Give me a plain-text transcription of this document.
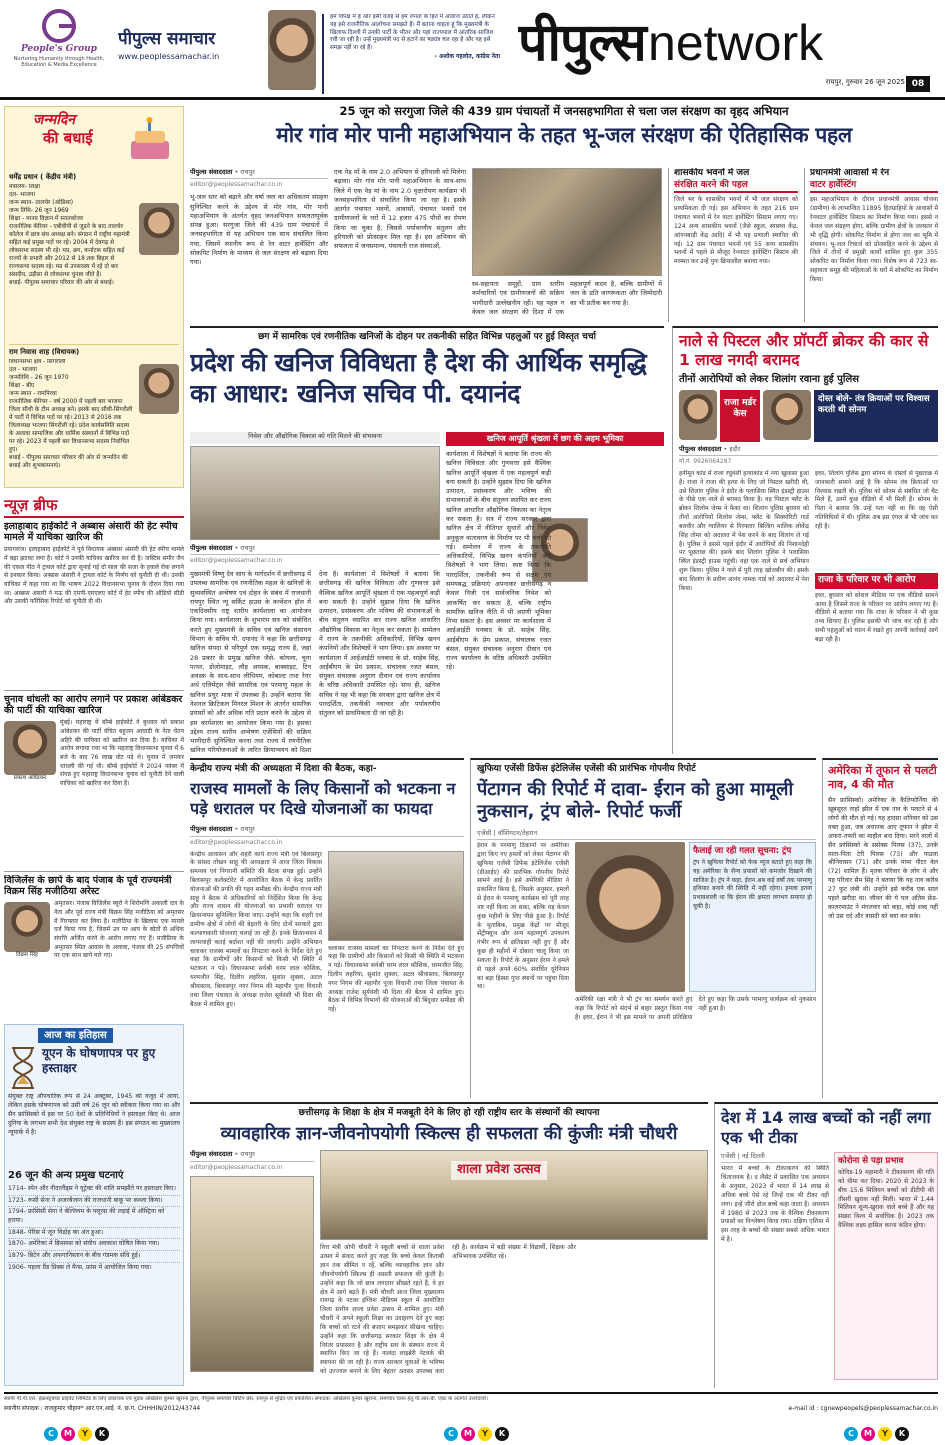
People's Group
Nurturing Humanity through Health, Education & Media Excellence
पीपुल्स समाचार
www.peoplessamachar.in
हम विपक्ष में हैं और इसी वजह से हम जनता के हित में आवाज उठाते हैं, लेकिन यह इसे राजनीतिक आलोचना समझते हैं। मैं बताना चाहता हूं कि मुख्यमंत्री के खिलाफ दिल्ली में उनकी पार्टी के भीतर और यहां राज्यपाल में आंतरिक साजिश रची जा रही है। उन्हें मुख्यमंत्री पद से हटाने का षड्यंत्र चल रहा है और यह इसे समझ नहीं पा रहे हैं।
- अशोक गहलोत, कांग्रेस नेता पीपुल्स network
रायपुर, गुरुवार 26 जून 2025 08
जन्मदिन
की बधाई
धर्मेंद्र प्रधान ( केंद्रीय मंत्री)
मंत्रालय- शिक्षा
दल- भाजपा
जन्म स्थान- तालचेर (ओडिशा)
जन्म तिथि- 26 जून 1969
शिक्षा - मानव विज्ञान में स्नातकोत्तर
राजनीतिक कॅरियर - एबीवीपी से जुड़ने के बाद तालचेर कॉलेज में छात्र संघ अध्यक्ष बने। संगठन में राष्ट्रीय महामंत्री सहित कई प्रमुख पदों पर रहे। 2004 में देवगढ़ से लोकसभा सदस्य भी रहे। मप्र, छग, कर्नाटक सहित कई राज्यों के प्रभारी और 2012 से 18 तक बिहार से राज्यसभा सदस्य रहे। मप्र से उपसदस्य में रहे दो बार संसदीय, उड़ीसा से लोकसभा चुनाव जीते हैं।
बधाई- पीपुल्स समाचार परिवार की ओर से बधाई।
राम निवास शाह (विधायक)
विधानसभा क्षेत्र - सिंगरौली
दल - भाजपा
जन्मतिथि - 26 जून 1970
शिक्षा - बीए
जन्म स्थान - रामपिरवा
राजनीतिक कॅरियर - वर्ष 2000 में पहली बार भाजपा जिला सीधी के टीम अध्यक्ष बने। इसके बाद सीधी-सिंगरौली में पार्टी में विभिन्न पदों पर रहे। 2013 से 2016 तक जिलाध्यक्ष भाजपा सिंगरौली रहे। प्रदेश कार्यसमिति सदस्य के अलावा सामाजिक और धार्मिक संस्थानों में विभिन्न पदों पर रहे। 2023 में पहली बार विधानसभा सदस्य निर्वाचित हुए।
बधाई - पीपुल्स समाचार परिवार की ओर से जन्मदिन की बधाई और शुभकामनाएं।
न्यूज़ ब्रीफ
इलाहाबाद हाईकोर्ट ने अब्बास अंसारी की हेट स्पीच मामले में याचिका खारिज की
प्रयागराज। इलाहाबाद हाईकोर्ट ने पूर्व विधायक अब्बास अंसारी की हेट स्पीच मामले में बढ़ा झटका लगा है। कोर्ट ने उनकी याचिका खारिज कर दी है। जस्टिस समीर जैन की एकल पीठ ने ट्रायल कोर्ट द्वारा सुनाई गई दो साल की सजा के हवाले रोक लगाने से इनकार किया। अब्बास अंसारी ने ट्रायल कोर्ट के निर्णय को चुनौती दी थी। उनकी याचिका में कहा गया था कि भाषण 2022 विधानसभा चुनाव के दौरान दिया गया था। अब्बास अंसारी ने मऊ की एमपी-एमएलए कोर्ट में हेट स्पीच की ऑडियो सीडी और उसकी फॉरेंसिक रिपोर्ट को चुनौती दी थी।
चुनाव धांधली का आरोप लगाने पर प्रकाश आंबेडकर की पार्टी की याचिका खारिज
प्रकाश आंबेडकर
मुंबई। महाराष्ट्र में बॉम्बे हाईकोर्ट ने बुधवार को प्रकाश आंबेडकर की पार्टी वंचित बहुजन आघाडी के नेता चेतन अहिरे की याचिका को खारिज कर दिया है। याचिका में आरोप लगाया गया था कि महाराष्ट्र विधानसभा चुनाव में 6 बजे के बाद 76 लाख वोट पड़े थे। चुनाव में जमकर धांधली की गई थी। बॉम्बे हाईकोर्ट ने 2024 नवंबर में संपन्न हुए महाराष्ट्र विधानसभा चुनाव को चुनौती देने वाली याचिका को खारिज कर दिया है।
विजिलेंस के छापे के बाद पंजाब के पूर्व राज्यमंत्री विक्रम सिंह मजीठिया अरेस्ट
विक्रम सिंह
अमृतसर। पंजाब विजिलेंस ब्यूरो ने शिरोमणि अकाली दल के नेता और पूर्व राज्य मंत्री बिक्रम सिंह मजीठिया को अमृतसर में गिरफ्तार कर लिया है। मजीठिया के खिलाफ एक मामले दर्ज किया गया है, जिसमें उन पर आय के स्रोतों से अधिक संपत्ति अर्जित करने के आरोप लगाए गए हैं। मजीठिया के अमृतसर स्थित आवास के अलावा, पंजाब की 25 संपत्तियों पर एक साथ छापे मारे गए।
आज का इतिहास
यूएन के घोषणापत्र पर हुए हस्ताक्षर
संयुक्त राष्ट्र औपचारिक रूप से 24 अक्टूबर, 1945 को वजूद में आया, लेकिन इसके घोषणापत्र को उसी वर्ष 26 जून को स्वीकार किया गया था और सैन फ्रांसिस्को में इस पर 50 देशों के प्रतिनिधियों ने हस्ताक्षर किए थे। आज दुनिया के लगभग सभी देश संयुक्त राष्ट्र के सदस्य हैं। इस संगठन का मुख्यालय न्यूयार्क में है।
26 जून की अन्य प्रमुख घटनाएं
1714- स्पेन और नीदरलैंड्स ने यूट्रेक्ट की शांति समझौते पर हस्ताक्षर किए।
1723- रूसी सेना ने अजरबैजान की राजधानी बाकू पर कब्जा किया।
1794- फ्रांसिसी सेना ने बेल्जियम के फ्लूरस की लड़ाई में ऑस्ट्रिया को हराया।
1848- पेरिस में जून विद्रोह का अंत हुआ।
1870- अमेरिका में क्रिसमस को संघीय अवकाश घोषित किया गया।
1879- ब्रिटेन और अफगानिस्तान के बीच गंडमक संधि हुई।
1906- पहला ग्रैंड प्रिक्स ले मैन्स, फ्रांस में आयोजित किया गया।
25 जून को सरगुजा जिले की 439 ग्राम पंचायतों में जनसहभागिता से चला जल संरक्षण का वृहद अभियान
मोर गांव मोर पानी महाअभियान के तहत भू-जल संरक्षण की ऐतिहासिक पहल
पीपुल्स संवाददाता • रायपुर
editor@peoplessamachar.co.in
भू-जल स्तर को बढ़ाने और वर्षा जल का अधिकतम संग्रहण सुनिश्चित करने के उद्देश्य से मोर गांव, मोर पानी महाअभियान के अंतर्गत वृहद जनअभियान सफलतापूर्वक संपन्न हुआ। सरगुजा जिले की 439 ग्राम पंचायतों में जनसहभागिता से यह अभियान एक साथ संचालित किया गया, जिसमें स्थानीय रूप से रेन वाटर हार्वेस्टिंग और सोकपिट निर्माण के माध्यम से जल संरक्षण को बढ़ावा दिया गया।
एक पेड़ माँ के नाम 2.0 अभियान से हरियाली को मिलेगा बढ़ावा। मोर गांव मोर पानी महाअभियान के साथ-साथ जिले में एक पेड़ मां के नाम 2.0 वृक्षारोपण कार्यक्रम भी जनसहभागिता से संचालित किया जा रहा है। इसके अंतर्गत पंचायत भवनों, आवासों, पंचायत भवनों एवं ग्रामीणजनों के घरों में 12 हजार 475 पौधों का रोपण किया जा चुका है, जिससे पर्यावरणीय संतुलन और हरियाली को प्रोत्साहन मिल रहा है। इस अभियान की सफलता में जनसमान्य, पंचायती राज संस्थाओं,
स्व-सहायता समूहों, ग्राम स्तरीय कर्मचारियों एवं ग्रामीणजनों की सक्रिय भागीदारी उल्लेखनीय रही। यह पहल न केवल जल संरक्षण की दिशा में एक महत्वपूर्ण कदम है, बल्कि ग्रामीणों में जल के प्रति जागरूकता और जिम्मेदारी का भी प्रतीक बन गया है।
शासकीय भवनों में जल
संरक्षित करने की पहल
जिले भर के शासकीय भवनों में भी जल संरक्षण को प्राथमिकता दी गई। इस अभियान के तहत 216 ग्राम पंचायत भवनों में रेन वाटर हार्वेस्टिंग सिस्टम लगाए गए। 124 अन्य शासकीय भवनों (जैसे स्कूल, स्वास्थ्य केंद्र, आंगनबाड़ी केंद्र आदि) में भी यह प्रणाली स्थापित की गई। 12 ग्राम पंचायत भवनों एवं 55 अन्य शासकीय भवनों में पहले से मौजूद रेनवाटर हार्वेस्टिंग सिस्टम की मरम्मत कर उन्हें पुनः क्रियाशील बनाया गया।
प्रधानमंत्री आवासों में रेन
वाटर हार्वेस्टिंग
इस महाअभियान के दौरान प्रधानमंत्री आवास योजना (ग्रामीण) के लाभान्वित 11895 हितग्राहियों के आवासों में रेनवाटर हार्वेस्टिंग सिस्टम का निर्माण किया गया। इससे न केवल जल संग्रहण होगा, बल्कि ग्रामीण क्षेत्रों के जलस्तर में भी वृद्धि होगी। सोकपिट निर्माण से होगा जल का भूमि में संचयन। भू-जल रिचार्ज को प्रोत्साहित करने के उद्देश्य से जिले में तीनों में प्रमुखी कार्यों शामिल हुए कुल 355 सोकपिट का निर्माण किया गया। विशेष रूप से 723 स्व-सहायता समूह की महिलाओं के घरों में सोकपिट का निर्माण किया।
छग में सामरिक एवं रणनीतिक खनिजों के दोहन पर तकनीकी सहित विभिन्न पहलुओं पर हुई विस्तृत चर्चा
प्रदेश की खनिज विविधता है देश की आर्थिक समृद्धि का आधार: खनिज सचिव पी. दयानंद
निवेश और औद्योगिक विकास को गति मिलने की संभावना	खनिज आपूर्ति श्रृंखला में छग की अहम भूमिका
पीपुल्स संवाददाता • रायपुर
editor@peoplessamachar.co.in
मुख्यमंत्री विष्णु देव साय के मार्गदर्शन में छत्तीसगढ़ में उपलब्ध सामरिक एवं रणनीतिक महत्व के खनिजों के सुव्यवस्थित अन्वेषण एवं दोहन के संबंध में राजधानी रायपुर स्थित न्यू सर्किट हाउस के कन्वेंशन हॉल में एकदिवसीय राष्ट्र स्तरीय कार्यशाला का आयोजन किया गया। कार्यशाला के शुभारंभ सत्र को संबोधित करते हुए मुख्यमंत्री के सचिव एवं खनिज संसाधन विभाग के सचिव पी. दयानंद ने कहा कि छत्तीसगढ़ खनिज संपदा से परिपूर्ण एक समृद्ध राज्य है, जहां 28 प्रकार के प्रमुख खनिज जैसे- कोयला, चूना पत्थर, डोलोमाइट, लौह अयस्क, बाक्साइट, टिन अयस्क के साथ-साथ लीथियम, कोबाल्ट तथा रेयर अर्थ एलिमेंट्स जैसे सामरिक एवं परमाणु महत्व के खनिज प्रचुर मात्रा में उपलब्ध हैं। उन्होंने बताया कि नेशनल क्रिटिकल मिनरल मिशन के अंतर्गत सामरिक प्रयासों को और अधिक गति प्रदान करने के उद्देश्य से इस कार्यशाला का आयोजन किया गया है। इसका उद्देश्य राज्य स्तरीय अन्वेषण एजेंसियों की सक्रिय भागीदारी सुनिश्चित करना तथा राज्य में रणनीतिक खनिज परियोजनाओं के त्वरित क्रियान्वयन को दिशा देना है। कार्यशाला में विशेषज्ञों ने बताया कि छत्तीसगढ़ की खनिज विविधता और गुणवत्ता इसे वैश्विक खनिज आपूर्ति श्रृंखला में एक महत्वपूर्ण कड़ी बना सकती है। उन्होंने सुझाव दिया कि खनिज उत्पादन, प्रसंस्करण और भविष्य की संभावनाओं के बीच संतुलन स्थापित कर राज्य खनिज आधारित औद्योगिक विकास का नेतृत्व कर सकता है। सम्मेलन में राज्य के तकनीकी अधिकारियों, विभिन्न खनन कंपनियों और विशेषज्ञों ने भाग लिया। इस अवसर पर कार्यशाला में आईआईटी धनबाद के प्रो. साहेब सिंह, आईबीएम के प्रेम प्रकाश, संचालक रजत बंसल, संयुक्त संचालक अनुराग दीवान एवं राज्य कार्यालय के वरिष्ठ अधिकारी उपस्थित रहे। साथ ही, खनिज सचिव ने यह भी कहा कि सरकार द्वारा खनिज क्षेत्र में पारदर्शिता, तकनीकी नवाचार और पर्यावरणीय संतुलन को प्राथमिकता दी जा रही है।
कार्यशाला में विशेषज्ञों ने बताया कि राज्य की खनिज विविधता और गुणवत्ता इसे वैश्विक खनिज आपूर्ति श्रृंखला में एक महत्वपूर्ण कड़ी बना सकती है। उन्होंने सुझाव दिया कि खनिज उत्पादन, प्रसंस्करण और भविष्य की संभावनाओं के बीच संतुलन स्थापित कर राज्य खनिज आधारित औद्योगिक विकास का नेतृत्व कर सकता है। सत्र में राज्य सरकार द्वारा खनिज क्षेत्र में नीतिगत सुधारों और निवेश अनुकूल वातावरण के निर्माण पर भी चर्चा की गई। सम्मेलन में राज्य के तकनीकी अधिकारियों, विभिन्न खनन कंपनियों और विशेषज्ञों ने भाग लिया। स्पष्ट किया कि पारदर्शिता, तकनीकी रूप से सक्षम एवं समयबद्ध प्रक्रियाएं अपनाकर छत्तीसगढ़ न केवल निजी एवं सार्वजनिक निवेश को आकर्षित कर सकता है, बल्कि राष्ट्रीय सामरिक खनिज नीति में भी अग्रणी भूमिका निभा सकता है। इस अवसर पर कार्यशाला में आईआईटी धनबाद के प्रो. साहेब सिंह, आईबीएम के प्रेम प्रकाश, संचालक रजत बंसल, संयुक्त संचालक अनुराग दीवान एवं राज्य कार्यालय के वरिष्ठ अधिकारी उपस्थित रहे।
नाले से पिस्टल और प्रॉपर्टी ब्रोकर की कार से 1 लाख नगदी बरामद
तीनों आरोपियों को लेकर शिलांग रवाना हुई पुलिस
राजा मर्डर केस
दोस्त बोले- तंत्र क्रियाओं पर विश्वास करती थी सोनम
पीपुल्स संवाददाता • इंदौर
मो.नं. 9926064287
हनीमून कांड में राजा रघुवंशी हत्याकांड में नया खुलासा हुआ है। राजा ने राजा की हत्या के लिए जो पिस्टल खरीदी थी, उसे शिलांग पुलिस ने इंदौर के पलासिया स्थित इंडस्ट्री हाउस के पीछे एक नाले से बरामद किया है। वह पिस्टल फ्लैट के ब्रोकर शिलोम जेम्स ने फेंका था। शिलांग पुलिस बुधवार को तीनों आरोपियों शिलोम जेम्स, फ्लैट के सिक्योरिटी गार्ड बलवीर और ग्वालियर से गिरफ्तार बिल्डिंग मालिक लोकेंद्र सिंह तोमर को अदालत में पेश करने के बाद शिलांग ले गई है। पुलिस ने इससे पहले इंदौर में आरोपियों की निशानदेही पर पूछताछ की। इसके बाद शिलांग पुलिस ने पलासिया स्थित इंडस्ट्री हाउस पहुंची। वहां एक नाले से सर्च अभियान शुरू किया। पुलिस ने नाले में पूरी तरह खोजबीन की। इसके बाद शिलांग के प्रवीण आनंद नामक गार्ड को अदालत में पेश किया।
इधर, शिलांग पुलिस द्वारा सोनम के दोस्तों से पूछताछ में जानकारी सामने आई है कि सोनम तंत्र क्रियाओं पर विश्वास रखती थी। पुलिस को सोनम से संबंधित जो चैट मिले हैं, उनमें कुछ वीडियो में भी मिली हैं। सोनम के पिता ने बताया कि उन्हें पता नहीं था कि वह ऐसी गतिविधियों में थी। पुलिस अब इस एंगल से भी जांच कर रही है।
राजा के परिवार पर भी आरोप
इधर, बुधवार को सोशल मीडिया पर एक वीडियो सामने आया है जिसमें राजा के परिवार पर आरोप लगाए गए हैं। वीडियो में बताया गया कि राजा के परिवार ने भी कुछ तथ्य छिपाए हैं। पुलिस इसकी भी जांच कर रही है और सभी पहलुओं को ध्यान में रखते हुए अपनी कार्रवाई आगे बढ़ा रही है।
केन्द्रीय राज्य मंत्री की अध्यक्षता में दिशा की बैठक, कहा-
राजस्व मामलों के लिए किसानों को भटकना न पड़े धरातल पर दिखे योजनाओं का फायदा
पीपुल्स संवाददाता • रायपुर
editor@peoplessamachar.co.in
केन्द्रीय आवासन और शहरी कार्य राज्य मंत्री एवं बिलासपुर के सांसद तोखन साहू की अध्यक्षता में आज जिला विकास समन्वय एवं निगरानी समिति की बैठक संपन्न हुई। उन्होंने बिलासपुर कलेक्टोरेट में आयोजित बैठक में केन्द्र प्रवर्तित योजनाओं की प्रगति की गहन समीक्षा की। केन्द्रीय राज्य मंत्री साहू ने बैठक में अधिकारियों को निर्देशित किया कि केन्द्र और राज्य शासन की योजनाओं का प्रभावी धरातल पर क्रियान्वयन सुनिश्चित किया जाए। उन्होंने कहा कि शहरी एवं ग्रामीण क्षेत्रों में लोगों की बेहतरी के लिए दोनों सरकारें द्वारा कल्याणकारी योजनाएं चलाई जा रही हैं। इनके क्रियान्वयन में लापरवाही कतई बर्दाश्त नहीं की जाएगी। उन्होंने अभियान चलाकर राजस्व मामलों का निपटारा करने के निर्देश देते हुए कहा कि ग्रामीणों और किसानों को किसी भी स्थिति में भटकना न पड़े। विधानसभा सर्वश्री धरम लाल कौशिक, धरमजीत सिंह, दिलीप लहरिया, सुशांत शुक्ला, अटल श्रीवास्तव, बिलासपुर नगर निगम की महापौर पूजा विधानी तथा जिला पंचायत के अध्यक्ष राजेश सूर्यवंशी भी दिशा की बैठक में शामिल हुए।
चलाकर राजस्व मामलों का निपटारा करने के निर्देश देते हुए कहा कि ग्रामीणों और किसानों को किसी भी स्थिति में भटकना न पड़े। विधानसभा सर्वश्री धरम लाल कौशिक, धरमजीत सिंह, दिलीप लहरिया, सुशांत शुक्ला, अटल श्रीवास्तव, बिलासपुर नगर निगम की महापौर पूजा विधानी तथा जिला पंचायत के अध्यक्ष राजेश सूर्यवंशी भी दिशा की बैठक में शामिल हुए। बैठक में विभिन्न विभागों की योजनाओं की बिंदुवार समीक्षा की गई।
खुफिया एजेंसी डिफेंस इंटेलिजेंस एजेंसी की प्रारंभिक गोपनीय रिपोर्ट
पेंटागन की रिपोर्ट में दावा- ईरान को हुआ मामूली नुकसान, ट्रंप बोले- रिपोर्ट फर्जी
एजेंसी | वॉशिंगटन/तेहरान
ईरान के परमाणु ठिकानों पर अमेरिका द्वारा किए गए हमलों को लेकर पेंटागन की खुफिया एजेंसी डिफेंस इंटेलिजेंस एजेंसी (डीआईए) की प्रारंभिक गोपनीय रिपोर्ट सामने आई है। इसे अमेरिकी मीडिया ने प्रकाशित किया है, जिसके अनुसार, हमलों से ईरान के परमाणु कार्यक्रम को पूरी तरह नष्ट नहीं किया जा सका, बल्कि यह केवल कुछ महीनों के लिए पीछे हुआ है। रिपोर्ट के मुताबिक, प्रमुख केंद्रों पर मौजूद सेंट्रीफ्यूज और अन्य महत्वपूर्ण उपकरण गंभीर रूप से क्षतिग्रस्त नहीं हुए हैं और कुछ ही महीनों में दोबारा चालू किया जा सकता है। रिपोर्ट के अनुसार ईरान ने हमले से पहले अपने 60% संवर्धित यूरेनियम का बड़ा हिस्सा गुप्त स्थानों पर पहुंचा दिया था।
फैलाई जा रही गलत सूचना: ट्रंप
ट्रंप ने खुफिया रिपोर्ट को फेक न्यूज बताते हुए कहा कि यह अमेरिका के सैन्य प्रयासों को कमजोर दिखाने की साजिश है। ट्रंप ने कहा, ईरान अब कई वर्षों तक परमाणु हथियार बनाने की स्थिति में नहीं रहेगा। हमला इतना प्रभावशाली था कि ईरान की क्षमता लगभग समाप्त हो चुकी है।
अमेरिकी रक्षा मंत्री ने भी ट्रंप का समर्थन करते हुए कहा कि रिपोर्ट को संदर्भ से बाहर प्रस्तुत किया गया है। इधर, ईरान ने भी इस मामले पर अपनी प्रतिक्रिया देते हुए कहा कि उसके परमाणु कार्यक्रम को नुकसान नहीं हुआ है।
अमेरिका में तूफान से पलटी नाव, 4 की मौत
सैन फ्रांसिस्को। अमेरिका के कैलिफोर्निया की खूबसूरत ताहो झील में एक नाव के पलटने से 4 लोगों की मौत हो गई। यह हादसा शनिवार को उस वक्त हुआ, जब अचानक आए तूफान ने झील में अफरा-तफरी का माहौल बना दिया। मरने वालों में सैन फ्रांसिस्को के ससेक्स पिलस (37), उनके माता-पिता टेरी पिलस (73) और पाउला श्रीनिवासन (71) और उनके मामा पीटर बेल (72) शामिल हैं। मृतक परिवार के लोग थे और यह परिवार सैम सिंह ने बताया कि यह नाव करीब 27 फुट लंबी थी। उन्होंने इसे करीब एक साल पहले खरीदा था। जीवन की ये पल अंतिम फ्रेंड-कालरमाउंट ने मंगलवार को कहा, कोई शब्द नहीं जो उस दर्द और त्रासदी को बयां कर सके।
छत्तीसगढ़ के शिक्षा के क्षेत्र में मजबूती देने के लिए हो रही राष्ट्रीय स्तर के संस्थानों की स्थापना
व्यावहारिक ज्ञान-जीवनोपयोगी स्किल्स ही सफलता की कुंजीः मंत्री चौधरी
पीपुल्स संवाददाता • रायपुर
editor@peoplessamachar.co.in	शाला प्रवेश उत्सव
वित्त मंत्री ओपी चौधरी ने स्कूली बच्चों से शाला प्रवेश उत्सव में संवाद करते हुए कहा कि बच्चे केवल किताबी ज्ञान तक सीमित न रहें, बल्कि व्यावहारिक ज्ञान और जीवनोपयोगी स्किल्स ही असली सफलता की कुंजी है। उन्होंने कहा कि जो छात्र लगातार सीखते रहते हैं, वे हर क्षेत्र में आगे बढ़ते हैं। मंत्री चौधरी आज जिला मुख्यालय रायगढ़ के नटवर इंग्लिश मीडियम स्कूल में आयोजित जिला स्तरीय शाला प्रवेश उत्सव में शामिल हुए। मंत्री चौधरी ने अपने स्कूली शिक्षा का उदाहरण देते हुए कहा कि बच्चों को रटने की बजाय समझकर सीखना चाहिए। उन्होंने कहा कि छत्तीसगढ़ सरकार शिक्षा के क्षेत्र में निरंतर प्रयासरत है और राष्ट्रीय स्तर के संस्थान राज्य में स्थापित किए जा रहे हैं। नालंदा लाइब्रेरी नेटवर्क की स्थापना की जा रही है। राज्य सरकार युवाओं के भविष्य को उज्ज्वल बनाने के लिए बेहतर अवसर उपलब्ध करा रही है। कार्यक्रम में बड़ी संख्या में विद्यार्थी, शिक्षक और अभिभावक उपस्थित रहे।
देश में 14 लाख बच्चों को नहीं लगा एक भी टीका
एजेंसी | नई दिल्ली
भारत में बच्चों के टीकाकरण की स्थिति चिंताजनक है। द लैंसेट में प्रकाशित एक अध्ययन के अनुसार, 2023 में भारत में 14 लाख से अधिक बच्चे ऐसे रहे जिन्हें एक भी टीका नहीं लगा। इन्हें जीरो डोज बच्चे कहा जाता है। अध्ययन में 1980 से 2023 तक के वैश्विक टीकाकरण प्रयासों का विश्लेषण किया गया। दक्षिण एशिया में इस तरह के बच्चों की संख्या सबसे अधिक भारत में है।
कोरोना से पड़ा प्रभाव
कोविड-19 महामारी ने टीकाकरण की गति को धीमा कर दिया। 2020 से 2023 के बीच 15.6 मिलियन बच्चों को डीटीपी की तीसरी खुराक नहीं मिली। भारत में 1.44 मिलियन शून्य-खुराक वाले बच्चे हैं और यह संख्या विश्व में सर्वाधिक है। 2023 तक वैश्विक लक्ष्य हासिल करना कठिन होगा।
स्वामी पी.पी.एल. इंफ्रास्ट्रक्चर प्राइवेट लिमिटेड के लिए प्रकाशक एवं मुद्रक अखिलेश कुमार खुराना द्वारा, पीपुल्स समाचार प्रिंटिंग प्रेस, रायपुर से मुद्रित एवं प्रकाशित। संपादक: अखिलेश कुमार खुराना, समाचार चयन हेतु पी.आर.बी. एक्ट के अंतर्गत उत्तरदायी।
स्थानीय संपादक : राजकुमार चौहान* आर.एन.आई. नं. छ.ग. CHHHIN/2012/43744	e-mail id : cgnewpeopels@peoplessamachar.co.in
C	M	Y	K	C	M	Y	K	C	M	Y	K
